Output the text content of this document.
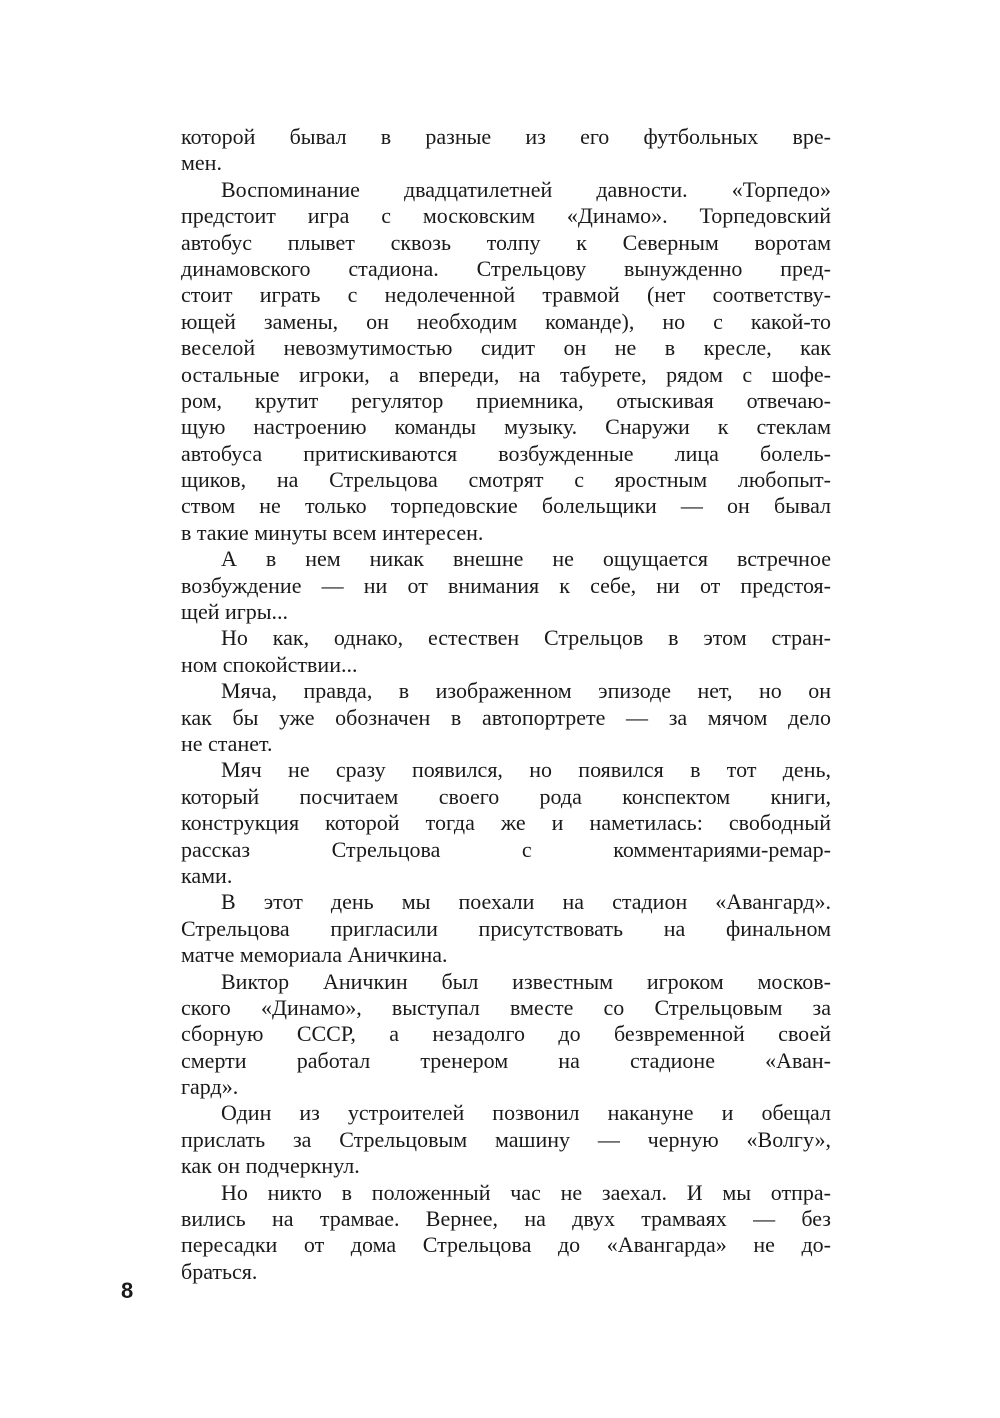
которой бывал в разные из его футбольных вре-
мен.
Воспоминание двадцатилетней давности. «Торпедо»
предстоит игра с московским «Динамо». Торпедовский
автобус плывет сквозь толпу к Северным воротам
динамовского стадиона. Стрельцову вынужденно пред-
стоит играть с недолеченной травмой (нет соответству-
ющей замены, он необходим команде), но с какой-то
веселой невозмутимостью сидит он не в кресле, как
остальные игроки, а впереди, на табурете, рядом с шофе-
ром, крутит регулятор приемника, отыскивая отвечаю-
щую настроению команды музыку. Снаружи к стеклам
автобуса притискиваются возбужденные лица болель-
щиков, на Стрельцова смотрят с яростным любопыт-
ством не только торпедовские болельщики — он бывал
в такие минуты всем интересен.
А в нем никак внешне не ощущается встречное
возбуждение — ни от внимания к себе, ни от предстоя-
щей игры...
Но как, однако, естествен Стрельцов в этом стран-
ном спокойствии...
Мяча, правда, в изображенном эпизоде нет, но он
как бы уже обозначен в автопортрете — за мячом дело
не станет.
Мяч не сразу появился, но появился в тот день,
который посчитаем своего рода конспектом книги,
конструкция которой тогда же и наметилась: свободный
рассказ Стрельцова с комментариями-ремар-
ками.
В этот день мы поехали на стадион «Авангард».
Стрельцова пригласили присутствовать на финальном
матче мемориала Аничкина.
Виктор Аничкин был известным игроком москов-
ского «Динамо», выступал вместе со Стрельцовым за
сборную СССР, а незадолго до безвременной своей
смерти работал тренером на стадионе «Аван-
гард».
Один из устроителей позвонил накануне и обещал
прислать за Стрельцовым машину — черную «Волгу»,
как он подчеркнул.
Но никто в положенный час не заехал. И мы отпра-
вились на трамвае. Вернее, на двух трамваях — без
пересадки от дома Стрельцова до «Авангарда» не до-
браться.
8
